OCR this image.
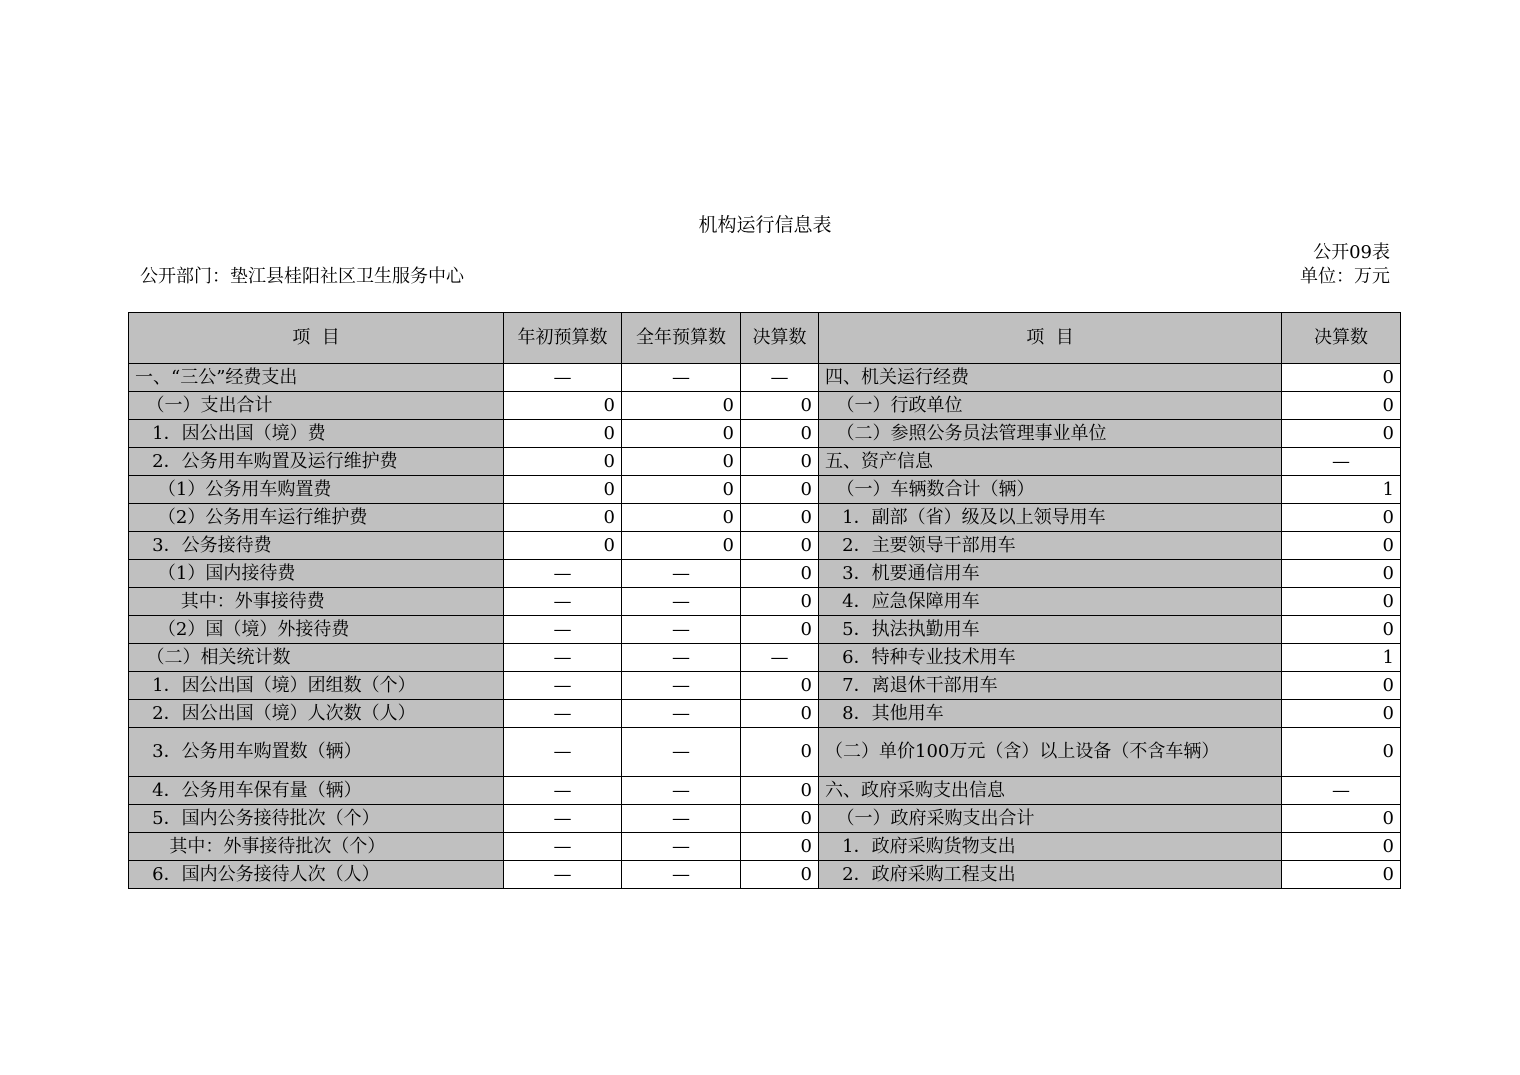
机构运行信息表
公开09表
公开部门：垫江县桂阳社区卫生服务中心	单位：万元
项  目	年初预算数	全年预算数	决算数	项  目	决算数
一、“三公”经费支出	—	—	—	四、机关运行经费	0
（一）支出合计	0	0	0	（一）行政单位	0
1．因公出国（境）费	0	0	0	（二）参照公务员法管理事业单位	0
2．公务用车购置及运行维护费	0	0	0	五、资产信息	—
（1）公务用车购置费	0	0	0	（一）车辆数合计（辆）	1
（2）公务用车运行维护费	0	0	0	1．副部（省）级及以上领导用车	0
3．公务接待费	0	0	0	2．主要领导干部用车	0
（1）国内接待费	—	—	0	3．机要通信用车	0
其中：外事接待费	—	—	0	4．应急保障用车	0
（2）国（境）外接待费	—	—	0	5．执法执勤用车	0
（二）相关统计数	—	—	—	6．特种专业技术用车	1
1．因公出国（境）团组数（个）	—	—	0	7．离退休干部用车	0
2．因公出国（境）人次数（人）	—	—	0	8．其他用车	0
3．公务用车购置数（辆）	—	—	0	（二）单价100万元（含）以上设备（不含车辆）	0
4．公务用车保有量（辆）	—	—	0	六、政府采购支出信息	—
5．国内公务接待批次（个）	—	—	0	（一）政府采购支出合计	0
其中：外事接待批次（个）	—	—	0	1．政府采购货物支出	0
6．国内公务接待人次（人）	—	—	0	2．政府采购工程支出	0
